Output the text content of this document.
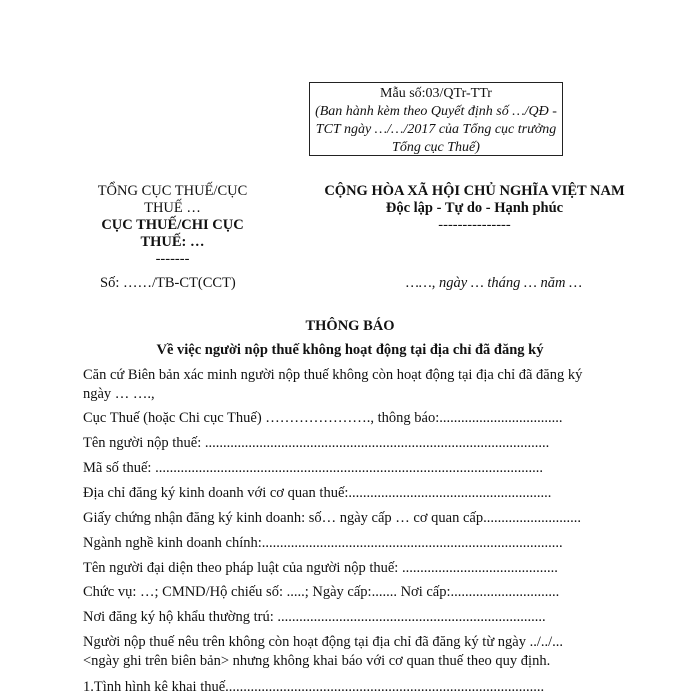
Mẫu số:03/QTr-TTr
(Ban hành kèm theo Quyết định số …/QĐ -
TCT ngày …/…/2017 của Tổng cục trưởng
Tổng cục Thuế)
TỔNG CỤC THUẾ/CỤC
THUẾ …
CỤC THUẾ/CHI CỤC
THUẾ: …
-------
CỘNG HÒA XÃ HỘI CHỦ NGHĨA VIỆT NAM
Độc lập - Tự do - Hạnh phúc
---------------
Số: ……/TB-CT(CCT)	……, ngày … tháng … năm …
THÔNG BÁO
Về việc người nộp thuế không hoạt động tại địa chỉ đã đăng ký
Căn cứ Biên bản xác minh người nộp thuế không còn hoạt động tại địa chỉ đã đăng ký
ngày … ….,
Cục Thuế (hoặc Chi cục Thuế) …………………., thông báo:..................................
Tên người nộp thuế: ...............................................................................................
Mã số thuế: ...........................................................................................................
Địa chỉ đăng ký kinh doanh với cơ quan thuế:........................................................
Giấy chứng nhận đăng ký kinh doanh: số… ngày cấp … cơ quan cấp...........................
Ngành nghề kinh doanh chính:...................................................................................
Tên người đại diện theo pháp luật của người nộp thuế: ...........................................
Chức vụ: …; CMND/Hộ chiếu số: .....; Ngày cấp:....... Nơi cấp:..............................
Nơi đăng ký hộ khẩu thường trú: ..........................................................................
Người nộp thuế nêu trên không còn hoạt động tại địa chỉ đã đăng ký từ ngày ../../...
<ngày ghi trên biên bản> nhưng không khai báo với cơ quan thuế theo quy định.
1.Tình hình kê khai thuế........................................................................................
